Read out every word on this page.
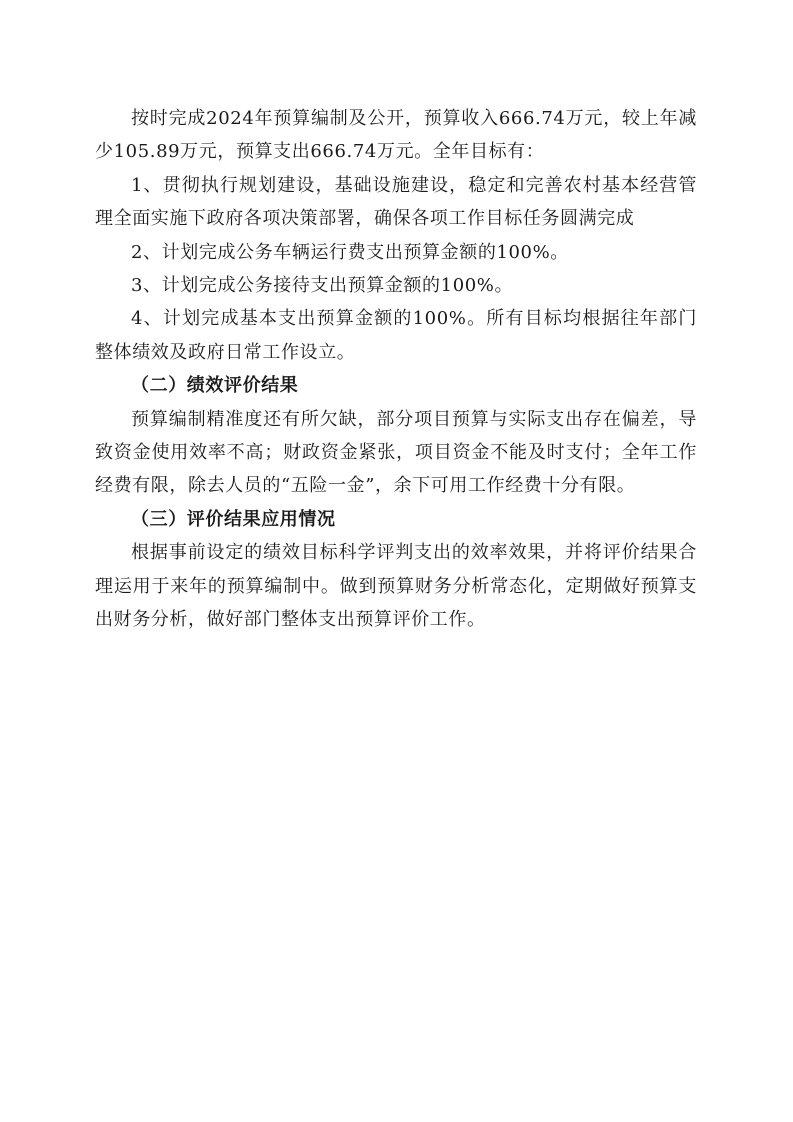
按时完成2024年预算编制及公开，预算收入666.74万元，较上年减少105.89万元，预算支出666.74万元。全年目标有：

1、贯彻执行规划建设，基础设施建设，稳定和完善农村基本经营管理全面实施下政府各项决策部署，确保各项工作目标任务圆满完成

2、计划完成公务车辆运行费支出预算金额的100%。

3、计划完成公务接待支出预算金额的100%。

4、计划完成基本支出预算金额的100%。所有目标均根据往年部门整体绩效及政府日常工作设立。

（二）绩效评价结果

预算编制精准度还有所欠缺，部分项目预算与实际支出存在偏差，导致资金使用效率不高；财政资金紧张，项目资金不能及时支付；全年工作经费有限，除去人员的“五险一金”，余下可用工作经费十分有限。

（三）评价结果应用情况

根据事前设定的绩效目标科学评判支出的效率效果，并将评价结果合理运用于来年的预算编制中。做到预算财务分析常态化，定期做好预算支出财务分析，做好部门整体支出预算评价工作。
